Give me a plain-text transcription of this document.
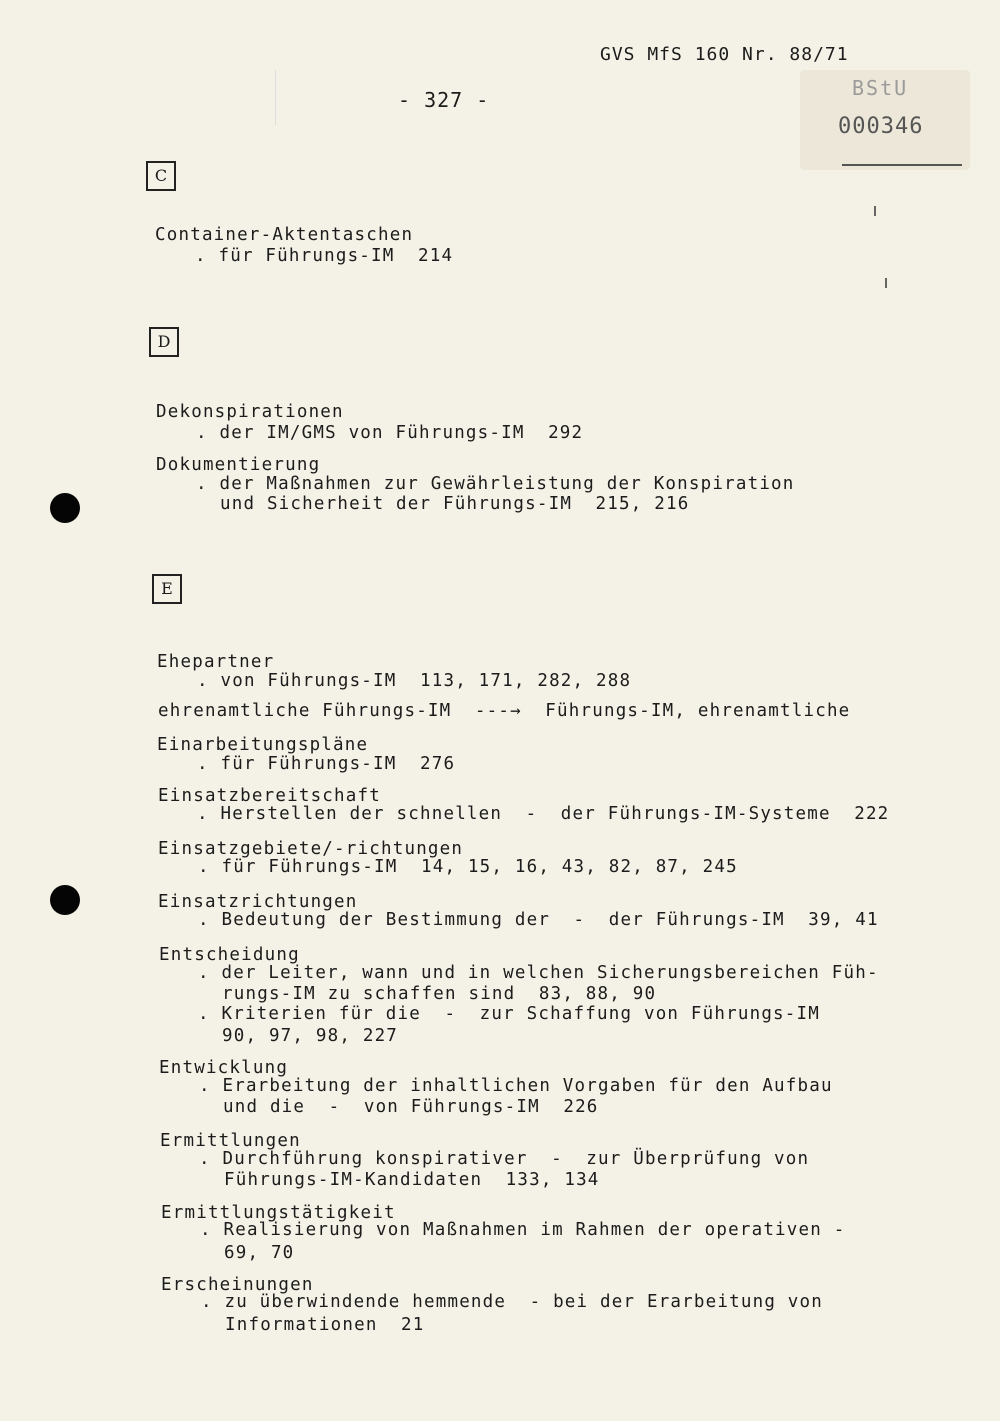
GVS MfS 160 Nr. 88/71
- 327 -	BStU
000346
C
Container-Aktentaschen
. für Führungs-IM  214
D
Dekonspirationen
. der IM/GMS von Führungs-IM  292
Dokumentierung
. der Maßnahmen zur Gewährleistung der Konspiration
und Sicherheit der Führungs-IM  215, 216
E
Ehepartner
. von Führungs-IM  113, 171, 282, 288
ehrenamtliche Führungs-IM  ---→  Führungs-IM, ehrenamtliche
Einarbeitungspläne
. für Führungs-IM  276
Einsatzbereitschaft
. Herstellen der schnellen  -  der Führungs-IM-Systeme  222
Einsatzgebiete/-richtungen
. für Führungs-IM  14, 15, 16, 43, 82, 87, 245
Einsatzrichtungen
. Bedeutung der Bestimmung der  -  der Führungs-IM  39, 41
Entscheidung
. der Leiter, wann und in welchen Sicherungsbereichen Füh-
rungs-IM zu schaffen sind  83, 88, 90
. Kriterien für die  -  zur Schaffung von Führungs-IM
90, 97, 98, 227
Entwicklung
. Erarbeitung der inhaltlichen Vorgaben für den Aufbau
und die  -  von Führungs-IM  226
Ermittlungen
. Durchführung konspirativer  -  zur Überprüfung von
Führungs-IM-Kandidaten  133, 134
Ermittlungstätigkeit
. Realisierung von Maßnahmen im Rahmen der operativen -
69, 70
Erscheinungen
. zu überwindende hemmende  - bei der Erarbeitung von
Informationen  21
